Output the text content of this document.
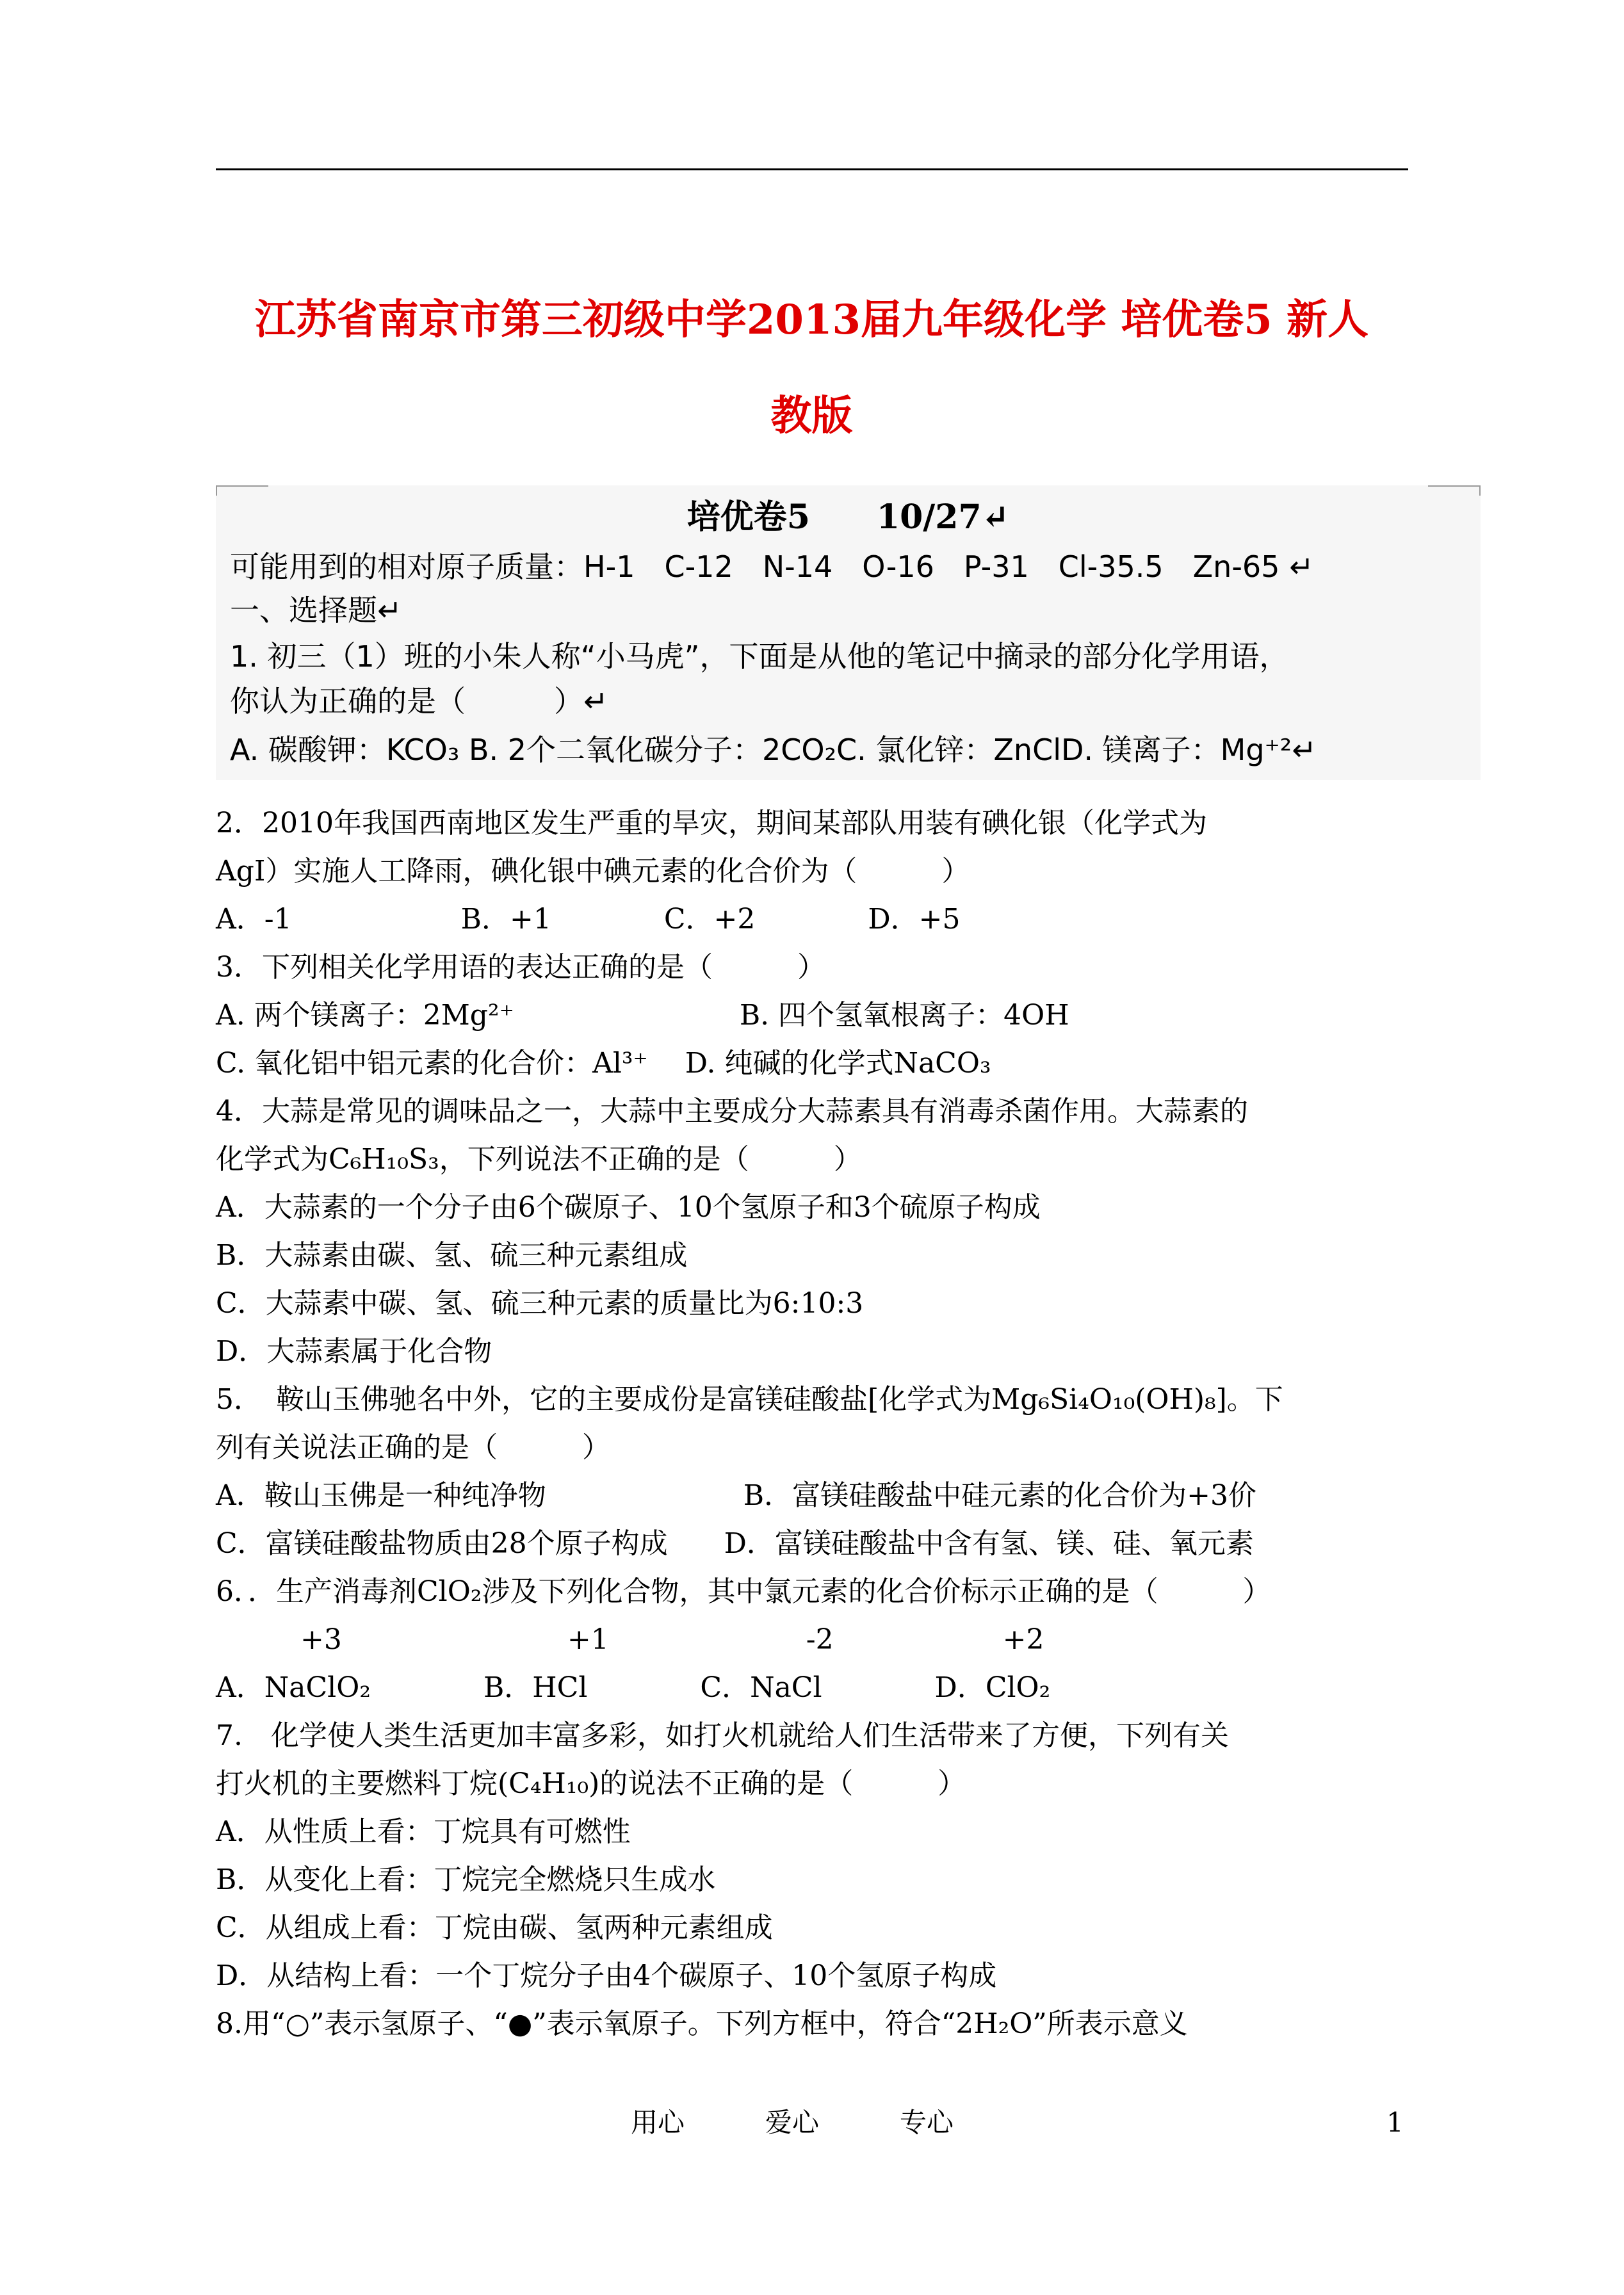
江苏省南京市第三初级中学2013届九年级化学 培优卷5 新人
教版
培优卷5　　10/27↵
可能用到的相对原子质量：H-1　C-12　N-14　O-16　P-31　Cl-35.5　Zn-65 ↵
一、选择题↵
1. 初三（1）班的小朱人称“小马虎”，下面是从他的笔记中摘录的部分化学用语，
你认为正确的是（　　　）↵
A. 碳酸钾：KCO₃ B. 2个二氧化碳分子：2CO₂C. 氯化锌：ZnClD. 镁离子：Mg⁺²↵
2．2010年我国西南地区发生严重的旱灾，期间某部队用装有碘化银（化学式为
AgI）实施人工降雨，碘化银中碘元素的化合价为（　　　）
A．-1　　　　　　B．+1　　　　C．+2　　　　D．+5
3．下列相关化学用语的表达正确的是（　　　）
A. 两个镁离子：2Mg²⁺　　　　　　　　B. 四个氢氧根离子：4OH
C. 氧化铝中铝元素的化合价：Al³⁺　 D. 纯碱的化学式NaCO₃
4．大蒜是常见的调味品之一，大蒜中主要成分大蒜素具有消毒杀菌作用。大蒜素的
化学式为C₆H₁₀S₃，下列说法不正确的是（　　　）
A．大蒜素的一个分子由6个碳原子、10个氢原子和3个硫原子构成
B．大蒜素由碳、氢、硫三种元素组成
C．大蒜素中碳、氢、硫三种元素的质量比为6:10:3
D．大蒜素属于化合物
5．　鞍山玉佛驰名中外，它的主要成份是富镁硅酸盐[化学式为Mg₆Si₄O₁₀(OH)₈]。下
列有关说法正确的是（　　　）
A．鞍山玉佛是一种纯净物　　　　　　　B．富镁硅酸盐中硅元素的化合价为+3价
C．富镁硅酸盐物质由28个原子构成　　D．富镁硅酸盐中含有氢、镁、硅、氧元素
6．．生产消毒剂ClO₂涉及下列化合物，其中氯元素的化合价标示正确的是（　　　）
　　　+3　　　　　　　　+1　　　　　　　-2　　　　　　+2
A．NaClO₂　　　　B．HCl　　　　C．NaCl　　　　D．ClO₂
7.　化学使人类生活更加丰富多彩，如打火机就给人们生活带来了方便，下列有关
打火机的主要燃料丁烷(C₄H₁₀)的说法不正确的是（　　　）
A．从性质上看：丁烷具有可燃性
B．从变化上看：丁烷完全燃烧只生成水
C．从组成上看：丁烷由碳、氢两种元素组成
D．从结构上看：一个丁烷分子由4个碳原子、10个氢原子构成
8.用“○”表示氢原子、“●”表示氧原子。下列方框中，符合“2H₂O”所表示意义
用心　　　爱心　　　专心	1
